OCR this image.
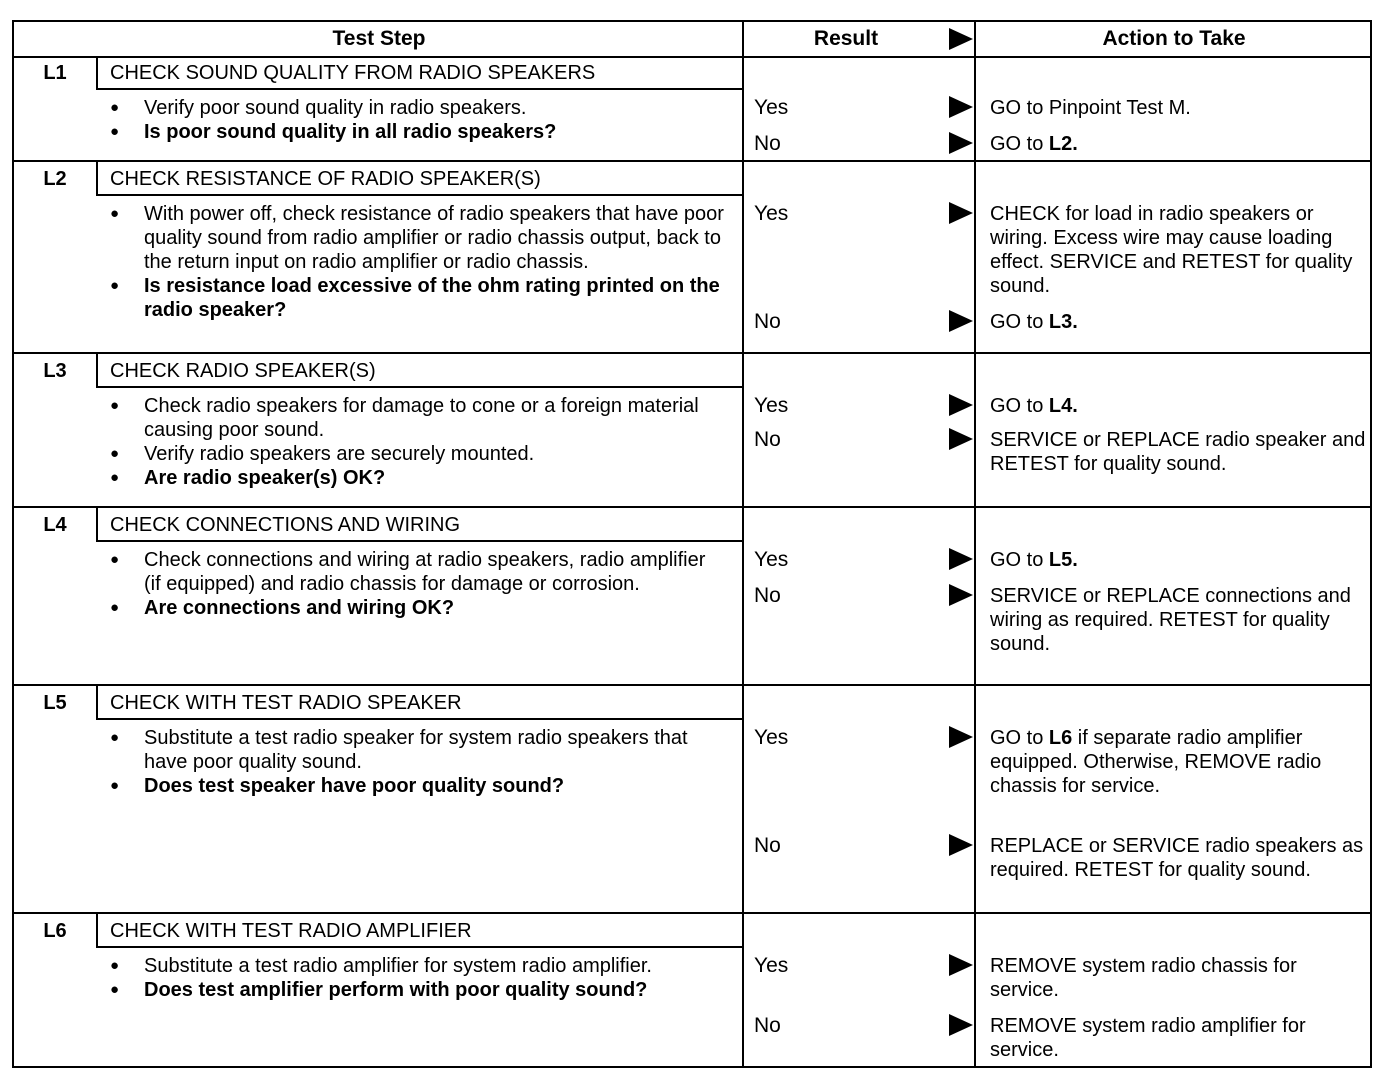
Test Step	Result	Action to Take
L1	CHECK SOUND QUALITY FROM RADIO SPEAKERS
● Verify poor sound quality in radio speakers.
● Is poor sound quality in all radio speakers?
Yes	GO to Pinpoint Test M.
No	GO to L2.
L2	CHECK RESISTANCE OF RADIO SPEAKER(S)
● With power off, check resistance of radio speakers that have poor quality sound from radio amplifier or radio chassis output, back to the return input on radio amplifier or radio chassis.
● Is resistance load excessive of the ohm rating printed on the radio speaker?
Yes	CHECK for load in radio speakers or wiring. Excess wire may cause loading effect. SERVICE and RETEST for quality sound.
No	GO to L3.
L3	CHECK RADIO SPEAKER(S)
● Check radio speakers for damage to cone or a foreign material causing poor sound.
● Verify radio speakers are securely mounted.
● Are radio speaker(s) OK?
Yes	GO to L4.
No	SERVICE or REPLACE radio speaker and RETEST for quality sound.
L4	CHECK CONNECTIONS AND WIRING
● Check connections and wiring at radio speakers, radio amplifier (if equipped) and radio chassis for damage or corrosion.
● Are connections and wiring OK?
Yes	GO to L5.
No	SERVICE or REPLACE connections and wiring as required. RETEST for quality sound.
L5	CHECK WITH TEST RADIO SPEAKER
● Substitute a test radio speaker for system radio speakers that have poor quality sound.
● Does test speaker have poor quality sound?
Yes	GO to L6 if separate radio amplifier equipped. Otherwise, REMOVE radio chassis for service.
No	REPLACE or SERVICE radio speakers as required. RETEST for quality sound.
L6	CHECK WITH TEST RADIO AMPLIFIER
● Substitute a test radio amplifier for system radio amplifier.
● Does test amplifier perform with poor quality sound?
Yes	REMOVE system radio chassis for service.
No	REMOVE system radio amplifier for service.
